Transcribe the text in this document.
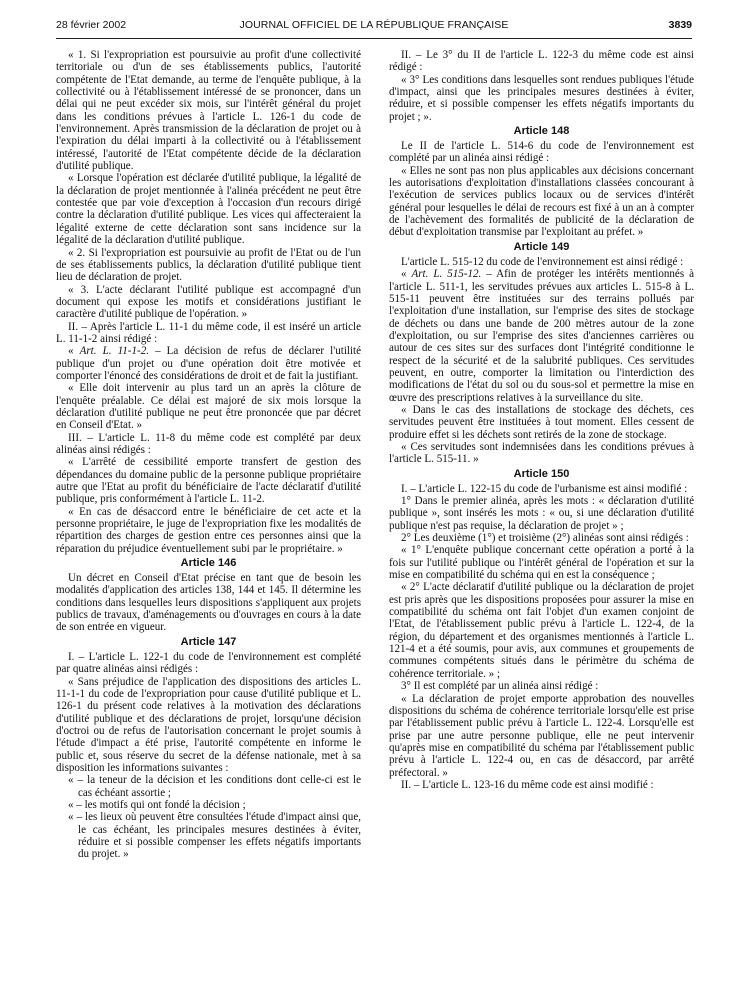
28 février 2002	JOURNAL OFFICIEL DE LA RÉPUBLIQUE FRANÇAISE	3839

« 1. Si l'expropriation est poursuivie au profit d'une collectivité territoriale ou d'un de ses établissements publics, l'autorité compétente de l'Etat demande, au terme de l'enquête publique, à la collectivité ou à l'établissement intéressé de se prononcer, dans un délai qui ne peut excéder six mois, sur l'intérêt général du projet dans les conditions prévues à l'article L. 126-1 du code de l'environnement. Après transmission de la déclaration de projet ou à l'expiration du délai imparti à la collectivité ou à l'établissement intéressé, l'autorité de l'Etat compétente décide de la déclaration d'utilité publique.

« Lorsque l'opération est déclarée d'utilité publique, la légalité de la déclaration de projet mentionnée à l'alinéa précédent ne peut être contestée que par voie d'exception à l'occasion d'un recours dirigé contre la déclaration d'utilité publique. Les vices qui affecteraient la légalité externe de cette déclaration sont sans incidence sur la légalité de la déclaration d'utilité publique.

« 2. Si l'expropriation est poursuivie au profit de l'Etat ou de l'un de ses établissements publics, la déclaration d'utilité publique tient lieu de déclaration de projet.

« 3. L'acte déclarant l'utilité publique est accompagné d'un document qui expose les motifs et considérations justifiant le caractère d'utilité publique de l'opération. »

II. – Après l'article L. 11-1 du même code, il est inséré un article L. 11-1-2 ainsi rédigé :

« Art. L. 11-1-2. – La décision de refus de déclarer l'utilité publique d'un projet ou d'une opération doit être motivée et comporter l'énoncé des considérations de droit et de fait la justifiant.

« Elle doit intervenir au plus tard un an après la clôture de l'enquête préalable. Ce délai est majoré de six mois lorsque la déclaration d'utilité publique ne peut être prononcée que par décret en Conseil d'Etat. »

III. – L'article L. 11-8 du même code est complété par deux alinéas ainsi rédigés :

« L'arrêté de cessibilité emporte transfert de gestion des dépendances du domaine public de la personne publique propriétaire autre que l'Etat au profit du bénéficiaire de l'acte déclaratif d'utilité publique, pris conformément à l'article L. 11-2.

« En cas de désaccord entre le bénéficiaire de cet acte et la personne propriétaire, le juge de l'expropriation fixe les modalités de répartition des charges de gestion entre ces personnes ainsi que la réparation du préjudice éventuellement subi par le propriétaire. »

Article 146

Un décret en Conseil d'Etat précise en tant que de besoin les modalités d'application des articles 138, 144 et 145. Il détermine les conditions dans lesquelles leurs dispositions s'appliquent aux projets publics de travaux, d'aménagements ou d'ouvrages en cours à la date de son entrée en vigueur.

Article 147

I. – L'article L. 122-1 du code de l'environnement est complété par quatre alinéas ainsi rédigés :

« Sans préjudice de l'application des dispositions des articles L. 11-1-1 du code de l'expropriation pour cause d'utilité publique et L. 126-1 du présent code relatives à la motivation des déclarations d'utilité publique et des déclarations de projet, lorsqu'une décision d'octroi ou de refus de l'autorisation concernant le projet soumis à l'étude d'impact a été prise, l'autorité compétente en informe le public et, sous réserve du secret de la défense nationale, met à sa disposition les informations suivantes :

« – la teneur de la décision et les conditions dont celle-ci est le cas échéant assortie ;
« – les motifs qui ont fondé la décision ;
« – les lieux où peuvent être consultées l'étude d'impact ainsi que, le cas échéant, les principales mesures destinées à éviter, réduire et si possible compenser les effets négatifs importants du projet. »

II. – Le 3° du II de l'article L. 122-3 du même code est ainsi rédigé :

« 3° Les conditions dans lesquelles sont rendues publiques l'étude d'impact, ainsi que les principales mesures destinées à éviter, réduire, et si possible compenser les effets négatifs importants du projet ; ».

Article 148

Le II de l'article L. 514-6 du code de l'environnement est complété par un alinéa ainsi rédigé :

« Elles ne sont pas non plus applicables aux décisions concernant les autorisations d'exploitation d'installations classées concourant à l'exécution de services publics locaux ou de services d'intérêt général pour lesquelles le délai de recours est fixé à un an à compter de l'achèvement des formalités de publicité de la déclaration de début d'exploitation transmise par l'exploitant au préfet. »

Article 149

L'article L. 515-12 du code de l'environnement est ainsi rédigé :

« Art. L. 515-12. – Afin de protéger les intérêts mentionnés à l'article L. 511-1, les servitudes prévues aux articles L. 515-8 à L. 515-11 peuvent être instituées sur des terrains pollués par l'exploitation d'une installation, sur l'emprise des sites de stockage de déchets ou dans une bande de 200 mètres autour de la zone d'exploitation, ou sur l'emprise des sites d'anciennes carrières ou autour de ces sites sur des surfaces dont l'intégrité conditionne le respect de la sécurité et de la salubrité publiques. Ces servitudes peuvent, en outre, comporter la limitation ou l'interdiction des modifications de l'état du sol ou du sous-sol et permettre la mise en œuvre des prescriptions relatives à la surveillance du site.

« Dans le cas des installations de stockage des déchets, ces servitudes peuvent être instituées à tout moment. Elles cessent de produire effet si les déchets sont retirés de la zone de stockage.

« Ces servitudes sont indemnisées dans les conditions prévues à l'article L. 515-11. »

Article 150

I. – L'article L. 122-15 du code de l'urbanisme est ainsi modifié :

1° Dans le premier alinéa, après les mots : « déclaration d'utilité publique », sont insérés les mots : « ou, si une déclaration d'utilité publique n'est pas requise, la déclaration de projet » ;

2° Les deuxième (1°) et troisième (2°) alinéas sont ainsi rédigés :

« 1° L'enquête publique concernant cette opération a porté à la fois sur l'utilité publique ou l'intérêt général de l'opération et sur la mise en compatibilité du schéma qui en est la conséquence ;

« 2° L'acte déclaratif d'utilité publique ou la déclaration de projet est pris après que les dispositions proposées pour assurer la mise en compatibilité du schéma ont fait l'objet d'un examen conjoint de l'Etat, de l'établissement public prévu à l'article L. 122-4, de la région, du département et des organismes mentionnés à l'article L. 121-4 et a été soumis, pour avis, aux communes et groupements de communes compétents situés dans le périmètre du schéma de cohérence territoriale. » ;

3° Il est complété par un alinéa ainsi rédigé :

« La déclaration de projet emporte approbation des nouvelles dispositions du schéma de cohérence territoriale lorsqu'elle est prise par l'établissement public prévu à l'article L. 122-4. Lorsqu'elle est prise par une autre personne publique, elle ne peut intervenir qu'après mise en compatibilité du schéma par l'établissement public prévu à l'article L. 122-4 ou, en cas de désaccord, par arrêté préfectoral. »

II. – L'article L. 123-16 du même code est ainsi modifié :
